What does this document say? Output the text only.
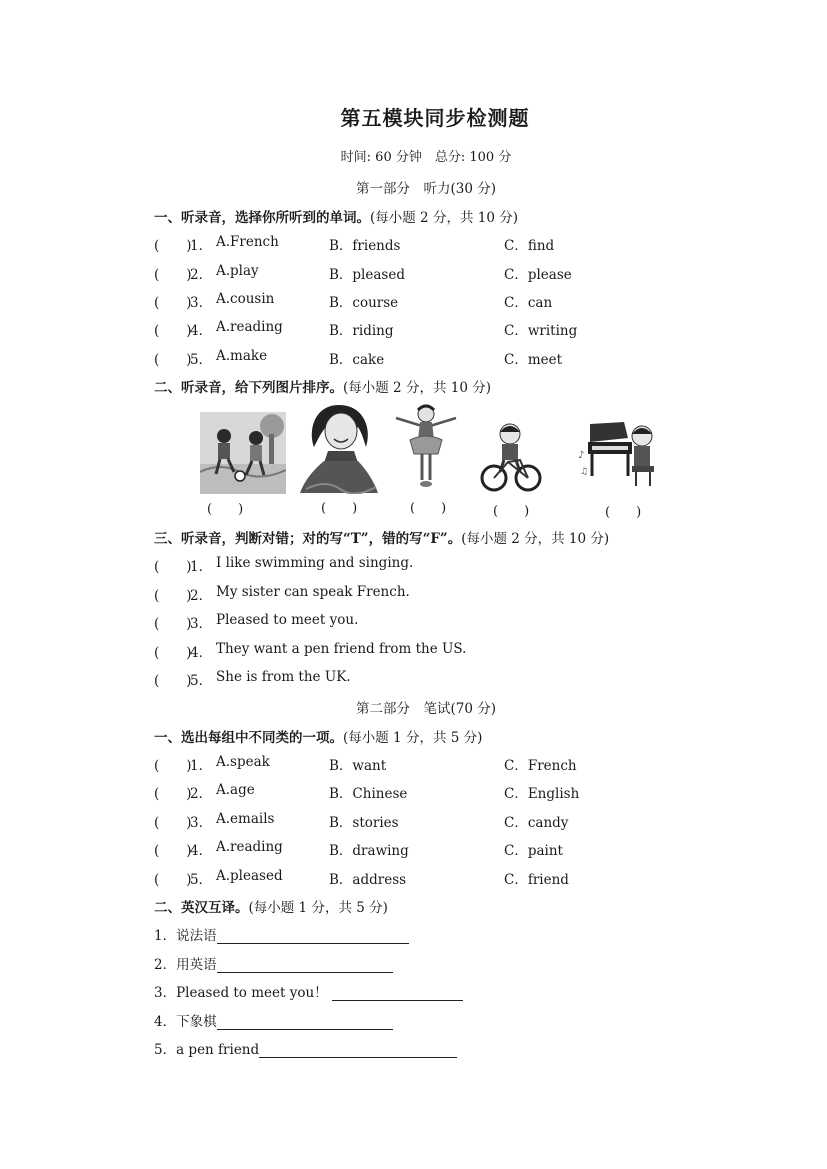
第五模块同步检测题
时间: 60 分钟　总分: 100 分
第一部分　听力(30 分)
一、听录音，选择你所听到的单词。(每小题 2 分，共 10 分)
(　　)
1． A.French	B．friends	C．find
(　　)
2． A.play	B．pleased	C．please
(　　)
3． A.cousin	B．course	C．can
(　　)
4． A.reading	B．riding	C．writing
(　　)
5． A.make	B．cake	C．meet
二、听录音，给下列图片排序。(每小题 2 分，共 10 分)
(　　)	(　　)	(　　)	(　　)
♪
♫
(　　)
三、听录音，判断对错；对的写“T”，错的写“F”。(每小题 2 分，共 10 分)
(　　)
1． I like swimming and singing.
(　　)
2． My sister can speak French.
(　　)
3． Pleased to meet you.
(　　)
4． They want a pen friend from the US.
(　　)
5． She is from the UK.
第二部分　笔试(70 分)
一、选出每组中不同类的一项。(每小题 1 分，共 5 分)
(　　)
1． A.speak	B．want	C．French
(　　)
2． A.age	B．Chinese	C．English
(　　)
3． A.emails	B．stories	C．candy
(　　)
4． A.reading	B．drawing	C．paint
(　　)
5． A.pleased	B．address	C．friend
二、英汉互译。(每小题 1 分，共 5 分)
1．说法语
2．用英语
3．Pleased to meet you！
4．下象棋
5．a pen friend
